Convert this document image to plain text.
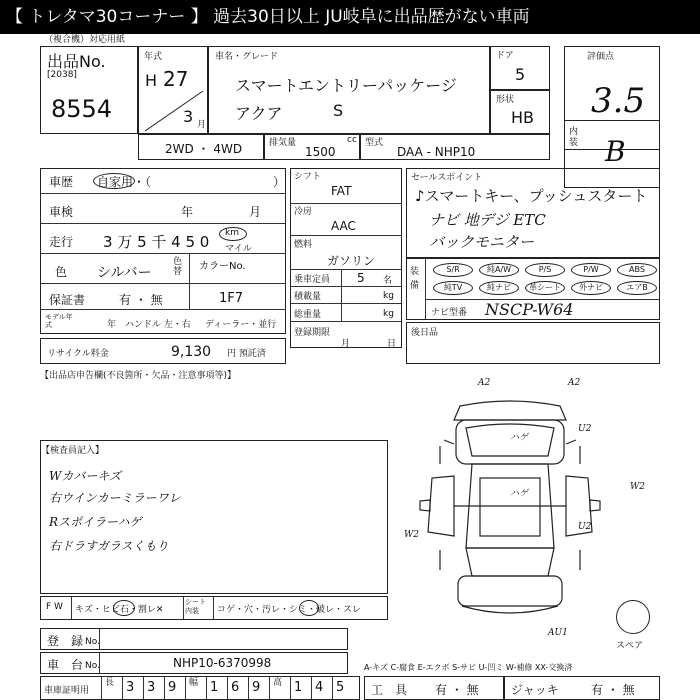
【 トレタマ30コーナー 】 過去30日以上 JU岐阜に出品歴がない車両
（複合機）対応用紙
出品No.
[2038]
8554
年式
H 27
3 月
車名・グレード
スマートエントリーパッケージ
アクア	S
ドア
5
形状
HB
評価点
3.5
内装 B
2WD ・ 4WD	排気量	cc
1500
型式
DAA - NHP10
車歴 自家用・（	）
車検	年	月
走行 3 万 5 千 4 5 0 km
マイル
色 シルバー
色替 カラーNo.
1F7
保証書	有 ・ 無
モデル年式	年 ハンドル 左・右 ディーラー・並行
リサイクル料金	9,130 円 預託済
シフト
FAT
冷房
AAC
燃料
ガソリン
乗車定員 5 名
積載量	kg
総重量	kg
登録期限
月	日
セールスポイント
♪スマートキー、プッシュスタート
ナビ 地デジ ETC
バックモニター
装備
ナビ型番 NSCP-W64
S/R	純A/W	P/S	P/W	ABS
純TV	純ナビ	革シート	外ナビ	エアB
後日品
【出品店申告欄(不良箇所・欠品・注意事項等)】
【検査員記入】
Wカバーキズ
右ウインカーミラーワレ
Rスポイラーハゲ
右ドラすガラスくもり
F W キズ・ヒビ石・割レ✕
シート内装	コゲ・穴・汚レ・シミ・破レ・スレ
A2	A2
U2
ハゲ
ハゲ
W2
U2
W2
AU1
スペア
登　録 No.
車　台 No.	NHP10-6370998	A-キズ C-腐食 E-エクボ S-サビ U-凹ミ W-補修 XX-交換済
車庫証明用
長 3 3 9 幅 1 6 9 高 1 4 5 工　具 有 ・ 無	ジャッキ	有 ・ 無
